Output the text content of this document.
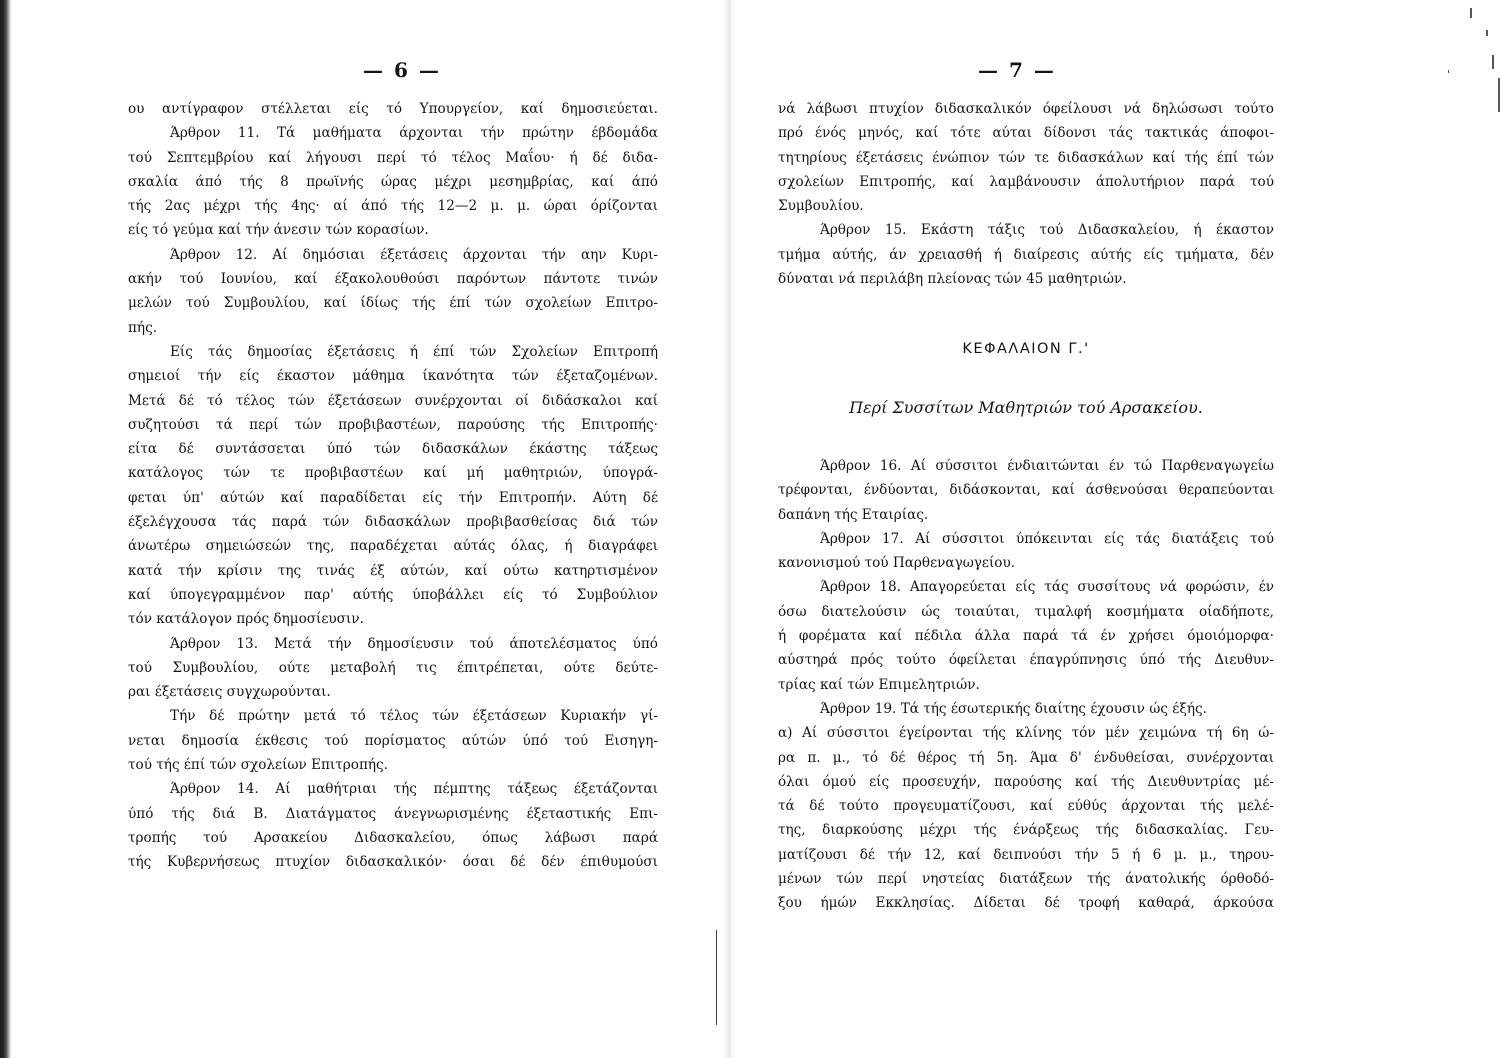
— 6 —
ου αντίγραφον στέλλεται είς τό Υπουργείον, καί δημοσιεύεται.
Άρθρον 11. Τά μαθήματα άρχονται τήν πρώτην έβδομάδα
τού Σεπτεμβρίου καί λήγουσι περί τό τέλος Μαΐου· ή δέ διδα-
σκαλία άπό τής 8 πρωϊνής ώρας μέχρι μεσημβρίας, καί άπό
τής 2ας μέχρι τής 4ης· αί άπό τής 12—2 μ. μ. ώραι όρίζονται
είς τό γεύμα καί τήν άνεσιν τών κορασίων.
Άρθρον 12. Αί δημόσιαι έξετάσεις άρχονται τήν αην Κυρι-
ακήν τού Ιουνίου, καί έξακολουθούσι παρόντων πάντοτε τινών
μελών τού Συμβουλίου, καί ίδίως τής έπί τών σχολείων Επιτρο-
πής.
Είς τάς δημοσίας έξετάσεις ή έπί τών Σχολείων Επιτροπή
σημειοί τήν είς έκαστον μάθημα ίκανότητα τών έξεταζομένων.
Μετά δέ τό τέλος τών έξετάσεων συνέρχονται οί διδάσκαλοι καί
συζητούσι τά περί τών προβιβαστέων, παρούσης τής Επιτροπής·
είτα δέ συντάσσεται ύπό τών διδασκάλων έκάστης τάξεως
κατάλογος τών τε προβιβαστέων καί μή μαθητριών, ύπογρά-
φεται ύπ' αύτών καί παραδίδεται είς τήν Επιτροπήν. Αύτη δέ
έξελέγχουσα τάς παρά τών διδασκάλων προβιβασθείσας διά τών
άνωτέρω σημειώσεών της, παραδέχεται αύτάς όλας, ή διαγράφει
κατά τήν κρίσιν της τινάς έξ αύτών, καί ούτω κατηρτισμένον
καί ύπογεγραμμένον παρ' αύτής ύποβάλλει είς τό Συμβούλιον
τόν κατάλογον πρός δημοσίευσιν.
Άρθρον 13. Μετά τήν δημοσίευσιν τού άποτελέσματος ύπό
τού Συμβουλίου, ούτε μεταβολή τις έπιτρέπεται, ούτε δεύτε-
ραι έξετάσεις συγχωρούνται.
Τήν δέ πρώτην μετά τό τέλος τών έξετάσεων Κυριακήν γί-
νεται δημοσία έκθεσις τού πορίσματος αύτών ύπό τού Εισηγη-
τού τής έπί τών σχολείων Επιτροπής.
Άρθρον 14. Αί μαθήτριαι τής πέμπτης τάξεως έξετάζονται
ύπό τής διά Β. Διατάγματος άνεγνωρισμένης έξεταστικής Επι-
τροπής τού Αρσακείου Διδασκαλείου, όπως λάβωσι παρά
τής Κυβερνήσεως πτυχίον διδασκαλικόν· όσαι δέ δέν έπιθυμούσι
— 7 —
νά λάβωσι πτυχίον διδασκαλικόν όφείλουσι νά δηλώσωσι τούτο
πρό ένός μηνός, καί τότε αύται δίδονσι τάς τακτικάς άποφοι-
τητηρίους έξετάσεις ένώπιον τών τε διδασκάλων καί τής έπί τών
σχολείων Επιτροπής, καί λαμβάνουσιν άπολυτήριον παρά τού
Συμβουλίου.
Άρθρον 15. Εκάστη τάξις τού Διδασκαλείου, ή έκαστον
τμήμα αύτής, άν χρειασθή ή διαίρεσις αύτής είς τμήματα, δέν
δύναται νά περιλάβη πλείονας τών 45 μαθητριών.
ΚΕΦΑΛΑΙΟΝ Γ.'
Περί Συσσίτων Μαθητριών τού Αρσακείου.
Άρθρον 16. Αί σύσσιτοι ένδιαιτώνται έν τώ Παρθεναγωγείω
τρέφονται, ένδύονται, διδάσκονται, καί άσθενούσαι θεραπεύονται
δαπάνη τής Εταιρίας.
Άρθρον 17. Αί σύσσιτοι ύπόκεινται είς τάς διατάξεις τού
κανονισμού τού Παρθεναγωγείου.
Άρθρον 18. Απαγορεύεται είς τάς συσσίτους νά φορώσιν, έν
όσω διατελούσιν ώς τοιαύται, τιμαλφή κοσμήματα οίαδήποτε,
ή φορέματα καί πέδιλα άλλα παρά τά έν χρήσει όμοιόμορφα·
αύστηρά πρός τούτο όφείλεται έπαγρύπνησις ύπό τής Διευθυν-
τρίας καί τών Επιμελητριών.
Άρθρον 19. Τά τής έσωτερικής διαίτης έχουσιν ώς έξής.
α) Αί σύσσιτοι έγείρονται τής κλίνης τόν μέν χειμώνα τή 6η ώ-
ρα π. μ., τό δέ θέρος τή 5η. Άμα δ' ένδυθείσαι, συνέρχονται
όλαι όμού είς προσευχήν, παρούσης καί τής Διευθυντρίας μέ-
τά δέ τούτο προγευματίζουσι, καί εύθύς άρχονται τής μελέ-
της, διαρκούσης μέχρι τής ένάρξεως τής διδασκαλίας. Γευ-
ματίζουσι δέ τήν 12, καί δειπνούσι τήν 5 ή 6 μ. μ., τηρου-
μένων τών περί νηστείας διατάξεων τής άνατολικής όρθοδό-
ξου ήμών Εκκλησίας. Δίδεται δέ τροφή καθαρά, άρκούσα
